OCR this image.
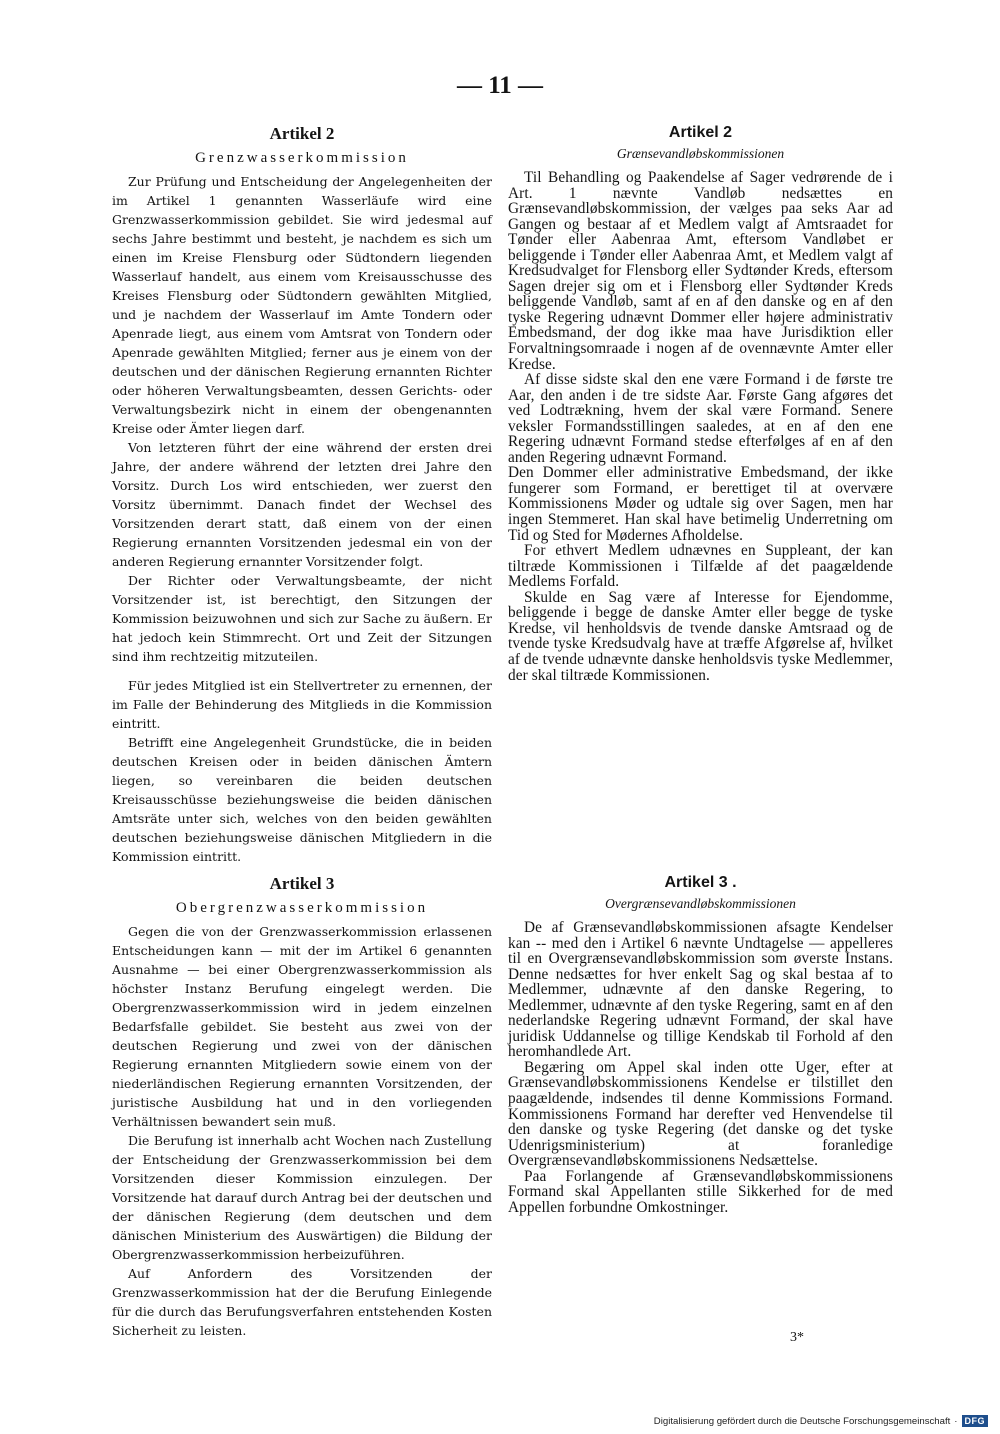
— 11 —
Artikel 2
Grenzwasserkommission

Zur Prüfung und Entscheidung der Angelegenheiten der im Artikel 1 genannten Wasserläufe wird eine Grenzwasserkommission gebildet. Sie wird jedesmal auf sechs Jahre bestimmt und besteht, je nachdem es sich um einen im Kreise Flensburg oder Südtondern liegenden Wasserlauf handelt, aus einem vom Kreisausschusse des Kreises Flensburg oder Südtondern gewählten Mitglied, und je nachdem der Wasserlauf im Amte Tondern oder Apenrade liegt, aus einem vom Amtsrat von Tondern oder Apenrade gewählten Mitglied; ferner aus je einem von der deutschen und der dänischen Regierung ernannten Richter oder höheren Verwaltungsbeamten, dessen Gerichts- oder Verwaltungsbezirk nicht in einem der obengenannten Kreise oder Ämter liegen darf.

Von letzteren führt der eine während der ersten drei Jahre, der andere während der letzten drei Jahre den Vorsitz. Durch Los wird entschieden, wer zuerst den Vorsitz übernimmt. Danach findet der Wechsel des Vorsitzenden derart statt, daß einem von der einen Regierung ernannten Vorsitzenden jedesmal ein von der anderen Regierung ernannter Vorsitzender folgt.

Der Richter oder Verwaltungsbeamte, der nicht Vorsitzender ist, ist berechtigt, den Sitzungen der Kommission beizuwohnen und sich zur Sache zu äußern. Er hat jedoch kein Stimmrecht. Ort und Zeit der Sitzungen sind ihm rechtzeitig mitzuteilen.

Für jedes Mitglied ist ein Stellvertreter zu ernennen, der im Falle der Behinderung des Mitglieds in die Kommission eintritt.

Betrifft eine Angelegenheit Grundstücke, die in beiden deutschen Kreisen oder in beiden dänischen Ämtern liegen, so vereinbaren die beiden deutschen Kreisausschüsse beziehungsweise die beiden dänischen Amtsräte unter sich, welches von den beiden gewählten deutschen beziehungsweise dänischen Mitgliedern in die Kommission eintritt.

Artikel 2
Grænsevandløbskommissionen

Til Behandling og Paakendelse af Sager vedrørende de i Art. 1 nævnte Vandløb nedsættes en Grænsevandløbskommission, der vælges paa seks Aar ad Gangen og bestaar af et Medlem valgt af Amtsraadet for Tønder eller Aabenraa Amt, eftersom Vandløbet er beliggende i Tønder eller Aabenraa Amt, et Medlem valgt af Kredsudvalget for Flensborg eller Sydtønder Kreds, eftersom Sagen drejer sig om et i Flensborg eller Sydtønder Kreds beliggende Vandløb, samt af en af den danske og en af den tyske Regering udnævnt Dommer eller højere administrativ Embedsmand, der dog ikke maa have Jurisdiktion eller Forvaltningsomraade i nogen af de ovennævnte Amter eller Kredse.

Af disse sidste skal den ene være Formand i de første tre Aar, den anden i de tre sidste Aar. Første Gang afgøres det ved Lodtrækning, hvem der skal være Formand. Senere veksler Formandsstillingen saaledes, at en af den ene Regering udnævnt Formand stedse efterfølges af en af den anden Regering udnævnt Formand.

Den Dommer eller administrative Embedsmand, der ikke fungerer som Formand, er berettiget til at overvære Kommissionens Møder og udtale sig over Sagen, men har ingen Stemmeret. Han skal have betimelig Underretning om Tid og Sted for Mødernes Afholdelse.

For ethvert Medlem udnævnes en Suppleant, der kan tiltræde Kommissionen i Tilfælde af det paagældende Medlems Forfald.

Skulde en Sag være af Interesse for Ejendomme, beliggende i begge de danske Amter eller begge de tyske Kredse, vil henholdsvis de tvende danske Amtsraad og de tvende tyske Kredsudvalg have at træffe Afgørelse af, hvilket af de tvende udnævnte danske henholdsvis tyske Medlemmer, der skal tiltræde Kommissionen.

Artikel 3
Obergrenzwasserkommission

Gegen die von der Grenzwasserkommission erlassenen Entscheidungen kann — mit der im Artikel 6 genannten Ausnahme — bei einer Obergrenzwasserkommission als höchster Instanz Berufung eingelegt werden. Die Obergrenzwasserkommission wird in jedem einzelnen Bedarfsfalle gebildet. Sie besteht aus zwei von der deutschen Regierung und zwei von der dänischen Regierung ernannten Mitgliedern sowie einem von der niederländischen Regierung ernannten Vorsitzenden, der juristische Ausbildung hat und in den vorliegenden Verhältnissen bewandert sein muß.

Die Berufung ist innerhalb acht Wochen nach Zustellung der Entscheidung der Grenzwasserkommission bei dem Vorsitzenden dieser Kommission einzulegen. Der Vorsitzende hat darauf durch Antrag bei der deutschen und der dänischen Regierung (dem deutschen und dem dänischen Ministerium des Auswärtigen) die Bildung der Obergrenzwasserkommission herbeizuführen.

Auf Anfordern des Vorsitzenden der Grenzwasserkommission hat der die Berufung Einlegende für die durch das Berufungsverfahren entstehenden Kosten Sicherheit zu leisten.

Artikel 3 .
Overgrænsevandløbskommissionen

De af Grænsevandløbskommissionen afsagte Kendelser kan -- med den i Artikel 6 nævnte Undtagelse — appelleres til en Overgrænsevandløbskommission som øverste Instans. Denne nedsættes for hver enkelt Sag og skal bestaa af to Medlemmer, udnævnte af den danske Regering, to Medlemmer, udnævnte af den tyske Regering, samt en af den nederlandske Regering udnævnt Formand, der skal have juridisk Uddannelse og tillige Kendskab til Forhold af den heromhandlede Art.

Begæring om Appel skal inden otte Uger, efter at Grænsevandløbskommissionens Kendelse er tilstillet den paagældende, indsendes til denne Kommissions Formand. Kommissionens Formand har derefter ved Henvendelse til den danske og tyske Regering (det danske og det tyske Udenrigsministerium) at foranledige Overgrænsevandløbskommissionens Nedsættelse.

Paa Forlangende af Grænsevandløbskommissionens Formand skal Appellanten stille Sikkerhed for de med Appellen forbundne Omkostninger.

3*
Digitalisierung gefördert durch die Deutsche Forschungsgemeinschaft · DFG
